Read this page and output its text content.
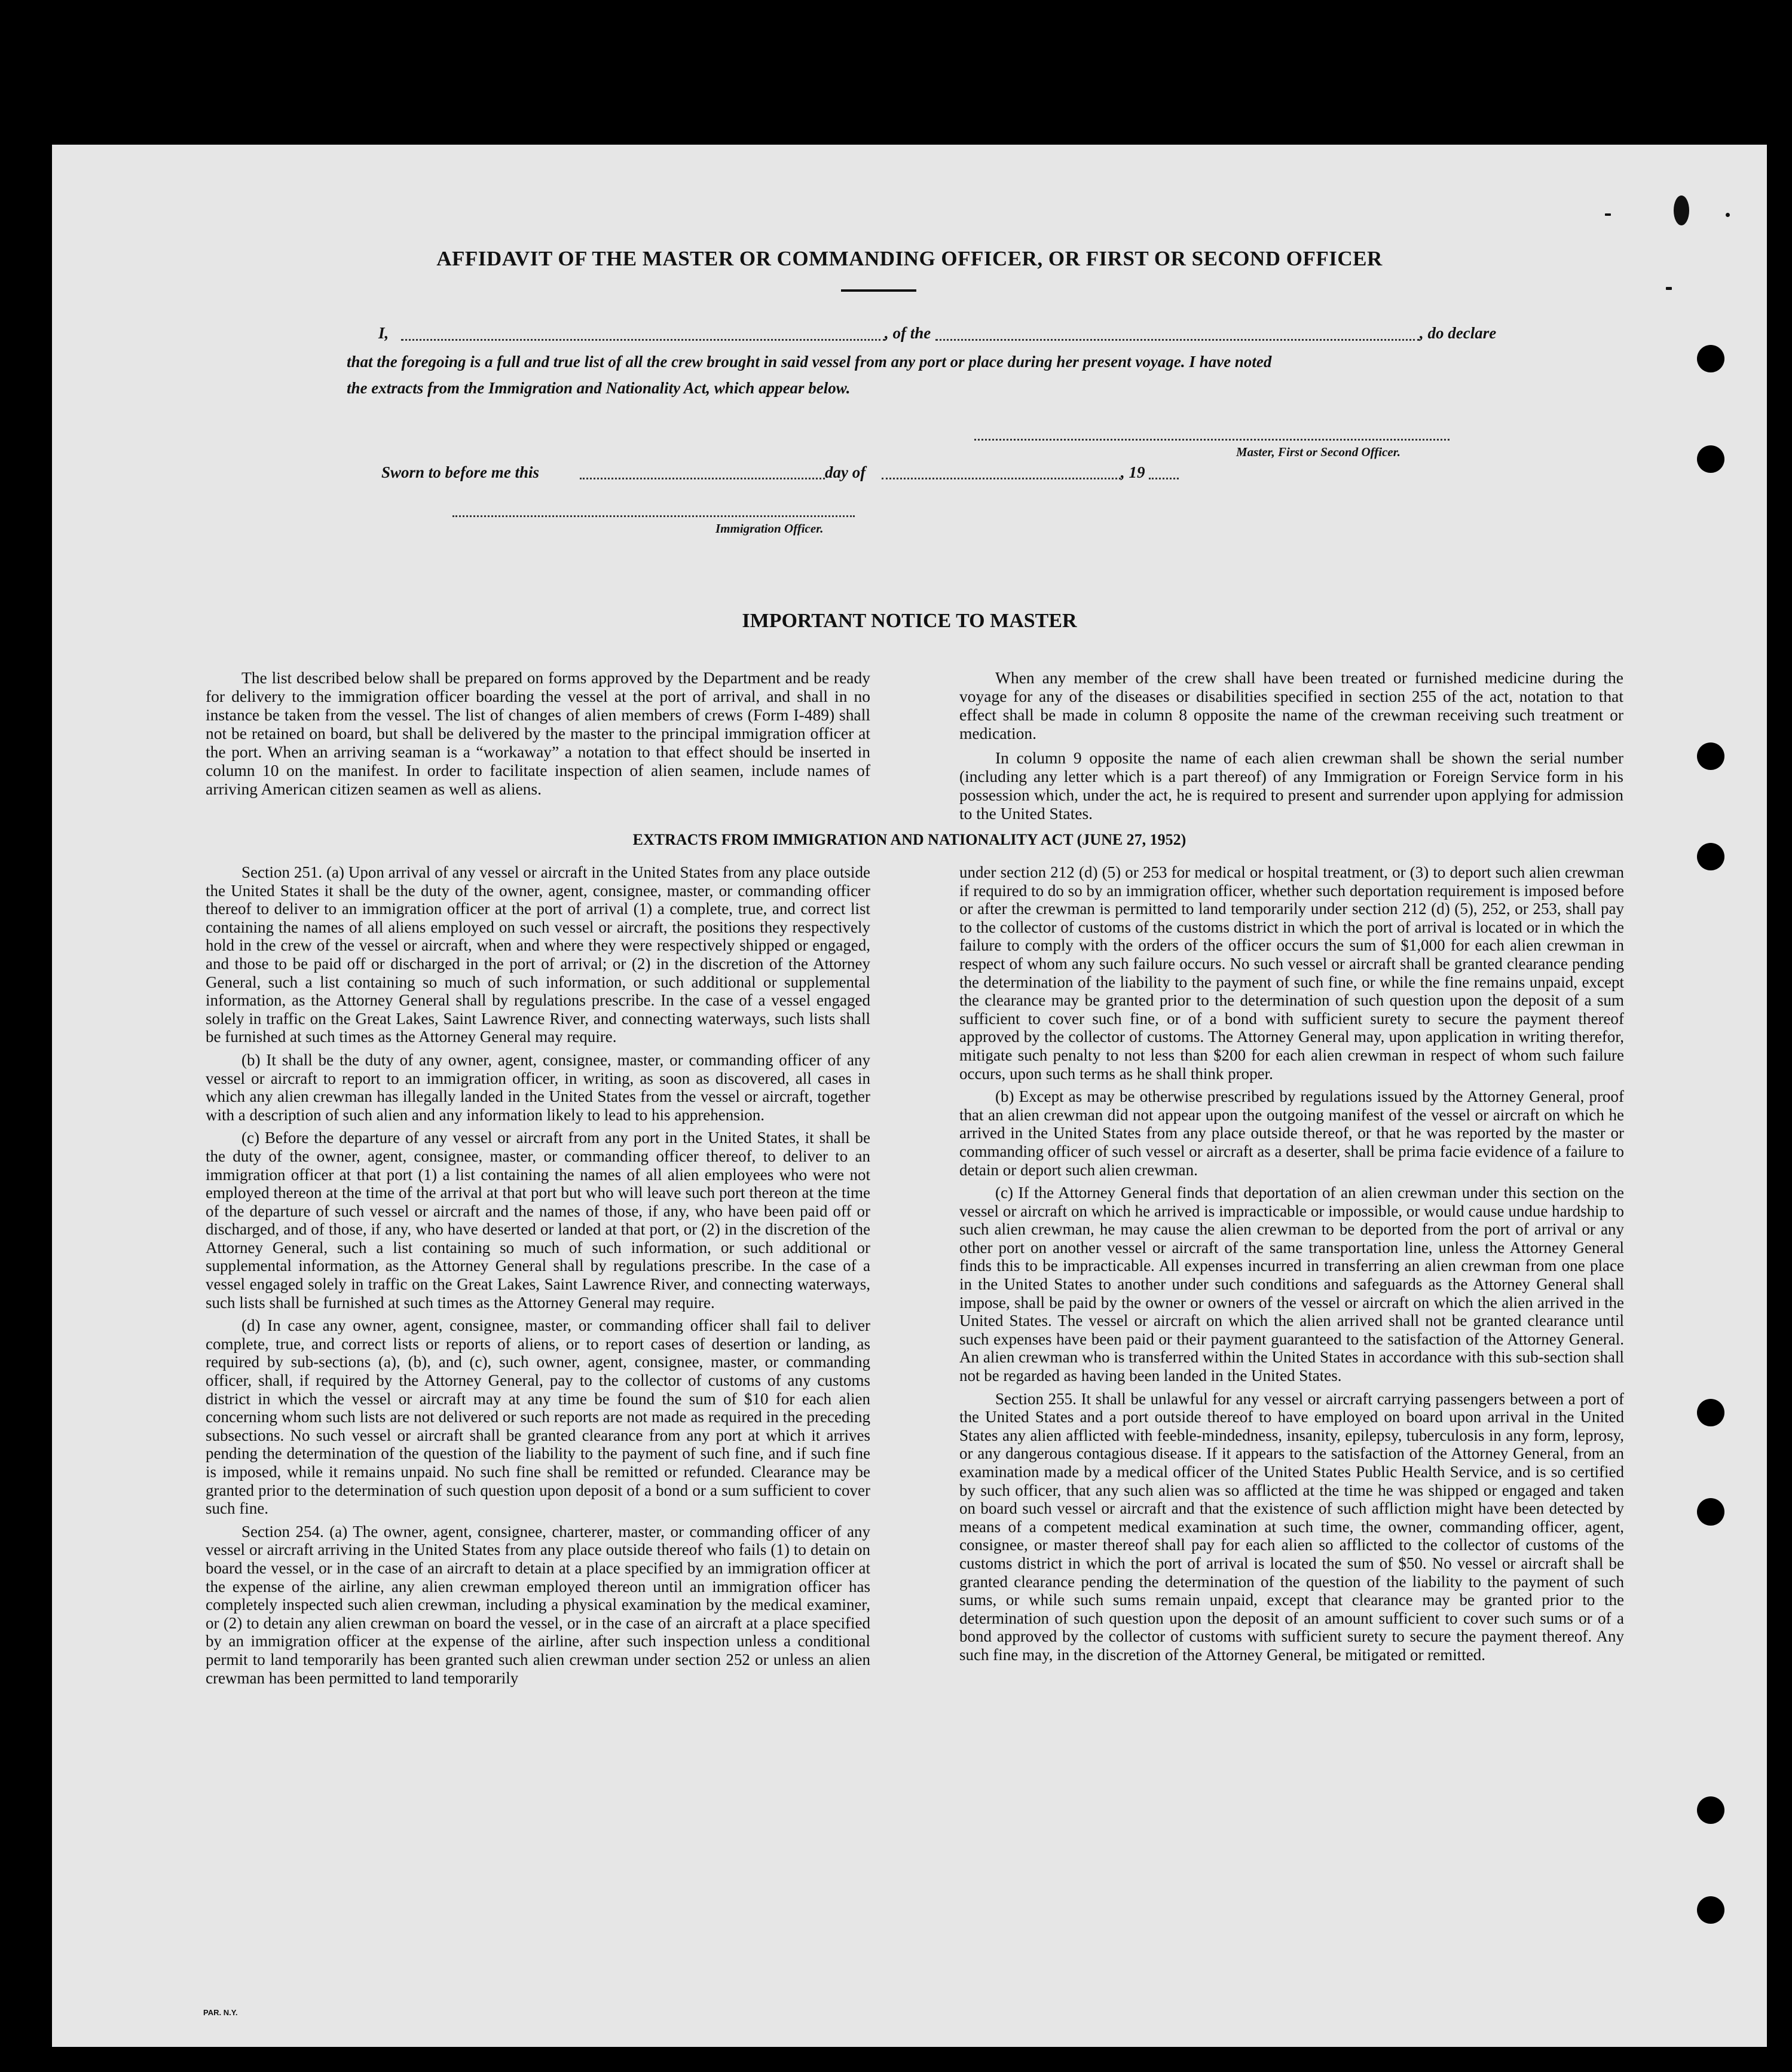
AFFIDAVIT OF THE MASTER OR COMMANDING OFFICER, OR FIRST OR SECOND OFFICER
I,	, of the	, do declare
that the foregoing is a full and true list of all the crew brought in said vessel from any port or place during her present voyage. I have noted
the extracts from the Immigration and Nationality Act, which appear below.
Master, First or Second Officer.
Sworn to before me this	day of	, 19
Immigration Officer.
IMPORTANT NOTICE TO MASTER

The list described below shall be prepared on forms approved by the Department and be ready for delivery to the immigration officer boarding the vessel at the port of arrival, and shall in no instance be taken from the vessel. The list of changes of alien members of crews (Form I-489) shall not be retained on board, but shall be delivered by the master to the principal immigration officer at the port. When an arriving seaman is a “workaway” a notation to that effect should be inserted in column 10 on the manifest. In order to facilitate inspection of alien seamen, include names of arriving American citizen seamen as well as aliens.

When any member of the crew shall have been treated or furnished medicine during the voyage for any of the diseases or disabilities specified in section 255 of the act, notation to that effect shall be made in column 8 opposite the name of the crewman receiving such treatment or medication.

In column 9 opposite the name of each alien crewman shall be shown the serial number (including any letter which is a part thereof) of any Immigration or Foreign Service form in his possession which, under the act, he is required to present and surrender upon applying for admission to the United States.

EXTRACTS FROM IMMIGRATION AND NATIONALITY ACT (JUNE 27, 1952)

Section 251. (a) Upon arrival of any vessel or aircraft in the United States from any place outside the United States it shall be the duty of the owner, agent, consignee, master, or commanding officer thereof to deliver to an immigration officer at the port of arrival (1) a complete, true, and correct list containing the names of all aliens employed on such vessel or aircraft, the positions they respectively hold in the crew of the vessel or aircraft, when and where they were respectively shipped or engaged, and those to be paid off or discharged in the port of arrival; or (2) in the discretion of the Attorney General, such a list containing so much of such information, or such additional or supplemental information, as the Attorney General shall by regulations prescribe. In the case of a vessel engaged solely in traffic on the Great Lakes, Saint Lawrence River, and connecting waterways, such lists shall be furnished at such times as the Attorney General may require.

(b) It shall be the duty of any owner, agent, consignee, master, or commanding officer of any vessel or aircraft to report to an immigration officer, in writing, as soon as discovered, all cases in which any alien crewman has illegally landed in the United States from the vessel or aircraft, together with a description of such alien and any information likely to lead to his apprehension.

(c) Before the departure of any vessel or aircraft from any port in the United States, it shall be the duty of the owner, agent, consignee, master, or commanding officer thereof, to deliver to an immigration officer at that port (1) a list containing the names of all alien employees who were not employed thereon at the time of the arrival at that port but who will leave such port thereon at the time of the departure of such vessel or aircraft and the names of those, if any, who have been paid off or discharged, and of those, if any, who have deserted or landed at that port, or (2) in the discretion of the Attorney General, such a list containing so much of such information, or such additional or supplemental information, as the Attorney General shall by regulations prescribe. In the case of a vessel engaged solely in traffic on the Great Lakes, Saint Lawrence River, and connecting waterways, such lists shall be furnished at such times as the Attorney General may require.

(d) In case any owner, agent, consignee, master, or commanding officer shall fail to deliver complete, true, and correct lists or reports of aliens, or to report cases of desertion or landing, as required by sub-sections (a), (b), and (c), such owner, agent, consignee, master, or commanding officer, shall, if required by the Attorney General, pay to the collector of customs of any customs district in which the vessel or aircraft may at any time be found the sum of $10 for each alien concerning whom such lists are not delivered or such reports are not made as required in the preceding subsections. No such vessel or aircraft shall be granted clearance from any port at which it arrives pending the determination of the question of the liability to the payment of such fine, and if such fine is imposed, while it remains unpaid. No such fine shall be remitted or refunded. Clearance may be granted prior to the determination of such question upon deposit of a bond or a sum sufficient to cover such fine.

Section 254. (a) The owner, agent, consignee, charterer, master, or commanding officer of any vessel or aircraft arriving in the United States from any place outside thereof who fails (1) to detain on board the vessel, or in the case of an aircraft to detain at a place specified by an immigration officer at the expense of the airline, any alien crewman employed thereon until an immigration officer has completely inspected such alien crewman, including a physical examination by the medical examiner, or (2) to detain any alien crewman on board the vessel, or in the case of an aircraft at a place specified by an immigration officer at the expense of the airline, after such inspection unless a conditional permit to land temporarily has been granted such alien crewman under section 252 or unless an alien crewman has been permitted to land temporarily

under section 212 (d) (5) or 253 for medical or hospital treatment, or (3) to deport such alien crewman if required to do so by an immigration officer, whether such deportation requirement is imposed before or after the crewman is permitted to land temporarily under section 212 (d) (5), 252, or 253, shall pay to the collector of customs of the customs district in which the port of arrival is located or in which the failure to comply with the orders of the officer occurs the sum of $1,000 for each alien crewman in respect of whom any such failure occurs. No such vessel or aircraft shall be granted clearance pending the determination of the liability to the payment of such fine, or while the fine remains unpaid, except the clearance may be granted prior to the determination of such question upon the deposit of a sum sufficient to cover such fine, or of a bond with sufficient surety to secure the payment thereof approved by the collector of customs. The Attorney General may, upon application in writing therefor, mitigate such penalty to not less than $200 for each alien crewman in respect of whom such failure occurs, upon such terms as he shall think proper.

(b) Except as may be otherwise prescribed by regulations issued by the Attorney General, proof that an alien crewman did not appear upon the outgoing manifest of the vessel or aircraft on which he arrived in the United States from any place outside thereof, or that he was reported by the master or commanding officer of such vessel or aircraft as a deserter, shall be prima facie evidence of a failure to detain or deport such alien crewman.

(c) If the Attorney General finds that deportation of an alien crewman under this section on the vessel or aircraft on which he arrived is impracticable or impossible, or would cause undue hardship to such alien crewman, he may cause the alien crewman to be deported from the port of arrival or any other port on another vessel or aircraft of the same transportation line, unless the Attorney General finds this to be impracticable. All expenses incurred in transferring an alien crewman from one place in the United States to another under such conditions and safeguards as the Attorney General shall impose, shall be paid by the owner or owners of the vessel or aircraft on which the alien arrived in the United States. The vessel or aircraft on which the alien arrived shall not be granted clearance until such expenses have been paid or their payment guaranteed to the satisfaction of the Attorney General. An alien crewman who is transferred within the United States in accordance with this sub-section shall not be regarded as having been landed in the United States.

Section 255. It shall be unlawful for any vessel or aircraft carrying passengers between a port of the United States and a port outside thereof to have employed on board upon arrival in the United States any alien afflicted with feeble-mindedness, insanity, epilepsy, tuberculosis in any form, leprosy, or any dangerous contagious disease. If it appears to the satisfaction of the Attorney General, from an examination made by a medical officer of the United States Public Health Service, and is so certified by such officer, that any such alien was so afflicted at the time he was shipped or engaged and taken on board such vessel or aircraft and that the existence of such affliction might have been detected by means of a competent medical examination at such time, the owner, commanding officer, agent, consignee, or master thereof shall pay for each alien so afflicted to the collector of customs of the customs district in which the port of arrival is located the sum of $50. No vessel or aircraft shall be granted clearance pending the determination of the question of the liability to the payment of such sums, or while such sums remain unpaid, except that clearance may be granted prior to the determination of such question upon the deposit of an amount sufficient to cover such sums or of a bond approved by the collector of customs with sufficient surety to secure the payment thereof. Any such fine may, in the discretion of the Attorney General, be mitigated or remitted.

PAR. N.Y.
